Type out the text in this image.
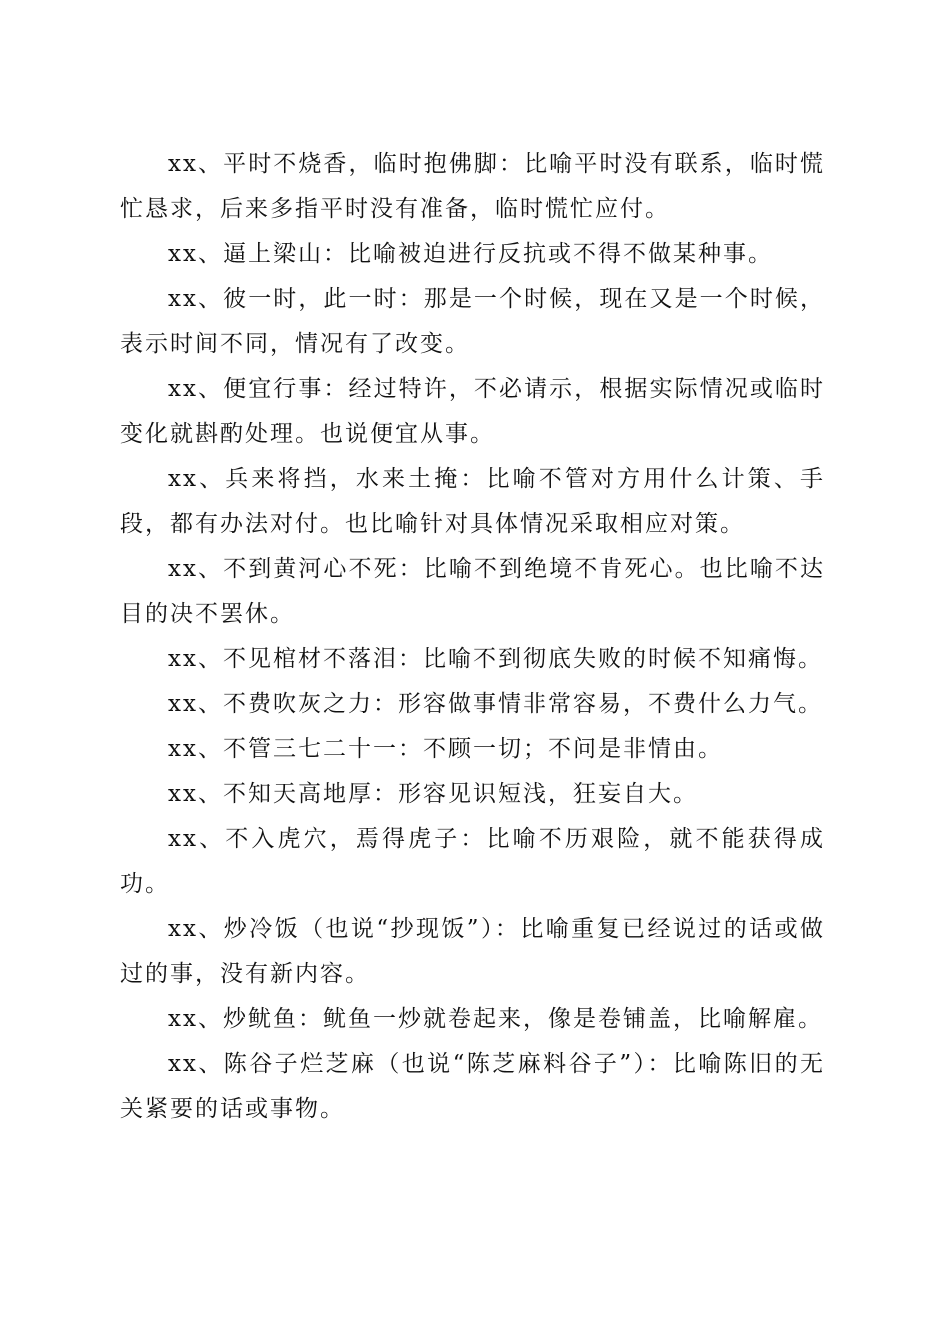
xx、平时不烧香，临时抱佛脚：比喻平时没有联系，临时慌忙恳求，后来多指平时没有准备，临时慌忙应付。

xx、逼上梁山：比喻被迫进行反抗或不得不做某种事。

xx、彼一时，此一时：那是一个时候，现在又是一个时候，表示时间不同，情况有了改变。

xx、便宜行事：经过特许，不必请示，根据实际情况或临时变化就斟酌处理。也说便宜从事。

xx、兵来将挡，水来土掩：比喻不管对方用什么计策、手段，都有办法对付。也比喻针对具体情况采取相应对策。

xx、不到黄河心不死：比喻不到绝境不肯死心。也比喻不达目的决不罢休。

xx、不见棺材不落泪：比喻不到彻底失败的时候不知痛悔。

xx、不费吹灰之力：形容做事情非常容易，不费什么力气。

xx、不管三七二十一：不顾一切；不问是非情由。

xx、不知天高地厚：形容见识短浅，狂妄自大。

xx、不入虎穴，焉得虎子：比喻不历艰险，就不能获得成功。

xx、炒冷饭（也说“抄现饭”）：比喻重复已经说过的话或做过的事，没有新内容。

xx、炒鱿鱼：鱿鱼一炒就卷起来，像是卷铺盖，比喻解雇。

xx、陈谷子烂芝麻（也说“陈芝麻料谷子”）：比喻陈旧的无关紧要的话或事物。
